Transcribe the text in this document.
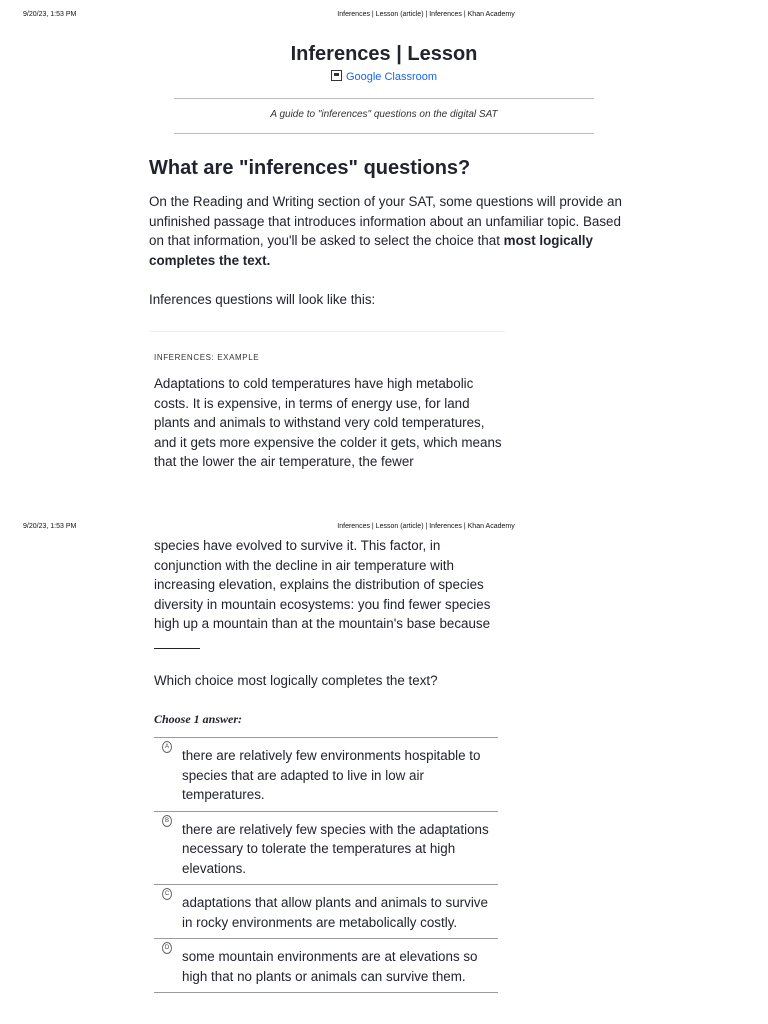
9/20/23, 1:53 PM	Inferences | Lesson (article) | Inferences | Khan Academy
Inferences | Lesson
Google Classroom
A guide to "inferences" questions on the digital SAT
What are "inferences" questions?
On the Reading and Writing section of your SAT, some questions will provide an unfinished passage that introduces information about an unfamiliar topic. Based on that information, you'll be asked to select the choice that most logically completes the text.
Inferences questions will look like this:
INFERENCES: EXAMPLE
Adaptations to cold temperatures have high metabolic costs. It is expensive, in terms of energy use, for land plants and animals to withstand very cold temperatures, and it gets more expensive the colder it gets, which means that the lower the air temperature, the fewer
9/20/23, 1:53 PM	Inferences | Lesson (article) | Inferences | Khan Academy
species have evolved to survive it. This factor, in conjunction with the decline in air temperature with increasing elevation, explains the distribution of species diversity in mountain ecosystems: you find fewer species high up a mountain than at the mountain's base because
Which choice most logically completes the text?
Choose 1 answer:
A
there are relatively few environments hospitable to species that are adapted to live in low air temperatures.
B
there are relatively few species with the adaptations necessary to tolerate the temperatures at high elevations.
C
adaptations that allow plants and animals to survive in rocky environments are metabolically costly.
D
some mountain environments are at elevations so high that no plants or animals can survive them.
